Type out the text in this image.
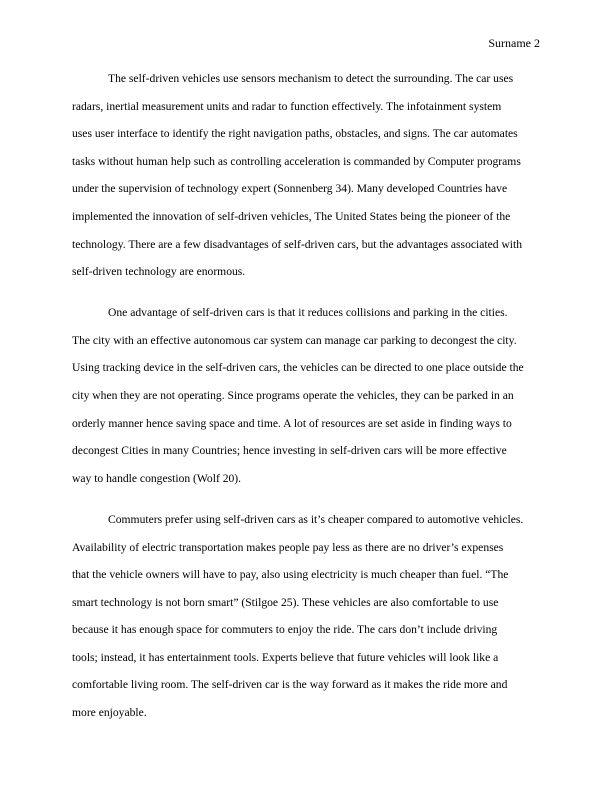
Surname 2
The self-driven vehicles use sensors mechanism to detect the surrounding. The car uses
radars, inertial measurement units and radar to function effectively. The infotainment system
uses user interface to identify the right navigation paths, obstacles, and signs. The car automates
tasks without human help such as controlling acceleration is commanded by Computer programs
under the supervision of technology expert (Sonnenberg 34). Many developed Countries have
implemented the innovation of self-driven vehicles, The United States being the pioneer of the
technology. There are a few disadvantages of self-driven cars, but the advantages associated with
self-driven technology are enormous.
One advantage of self-driven cars is that it reduces collisions and parking in the cities.
The city with an effective autonomous car system can manage car parking to decongest the city.
Using tracking device in the self-driven cars, the vehicles can be directed to one place outside the
city when they are not operating. Since programs operate the vehicles, they can be parked in an
orderly manner hence saving space and time. A lot of resources are set aside in finding ways to
decongest Cities in many Countries; hence investing in self-driven cars will be more effective
way to handle congestion (Wolf 20).
Commuters prefer using self-driven cars as it’s cheaper compared to automotive vehicles.
Availability of electric transportation makes people pay less as there are no driver’s expenses
that the vehicle owners will have to pay, also using electricity is much cheaper than fuel. “The
smart technology is not born smart” (Stilgoe 25). These vehicles are also comfortable to use
because it has enough space for commuters to enjoy the ride. The cars don’t include driving
tools; instead, it has entertainment tools. Experts believe that future vehicles will look like a
comfortable living room. The self-driven car is the way forward as it makes the ride more and
more enjoyable.
